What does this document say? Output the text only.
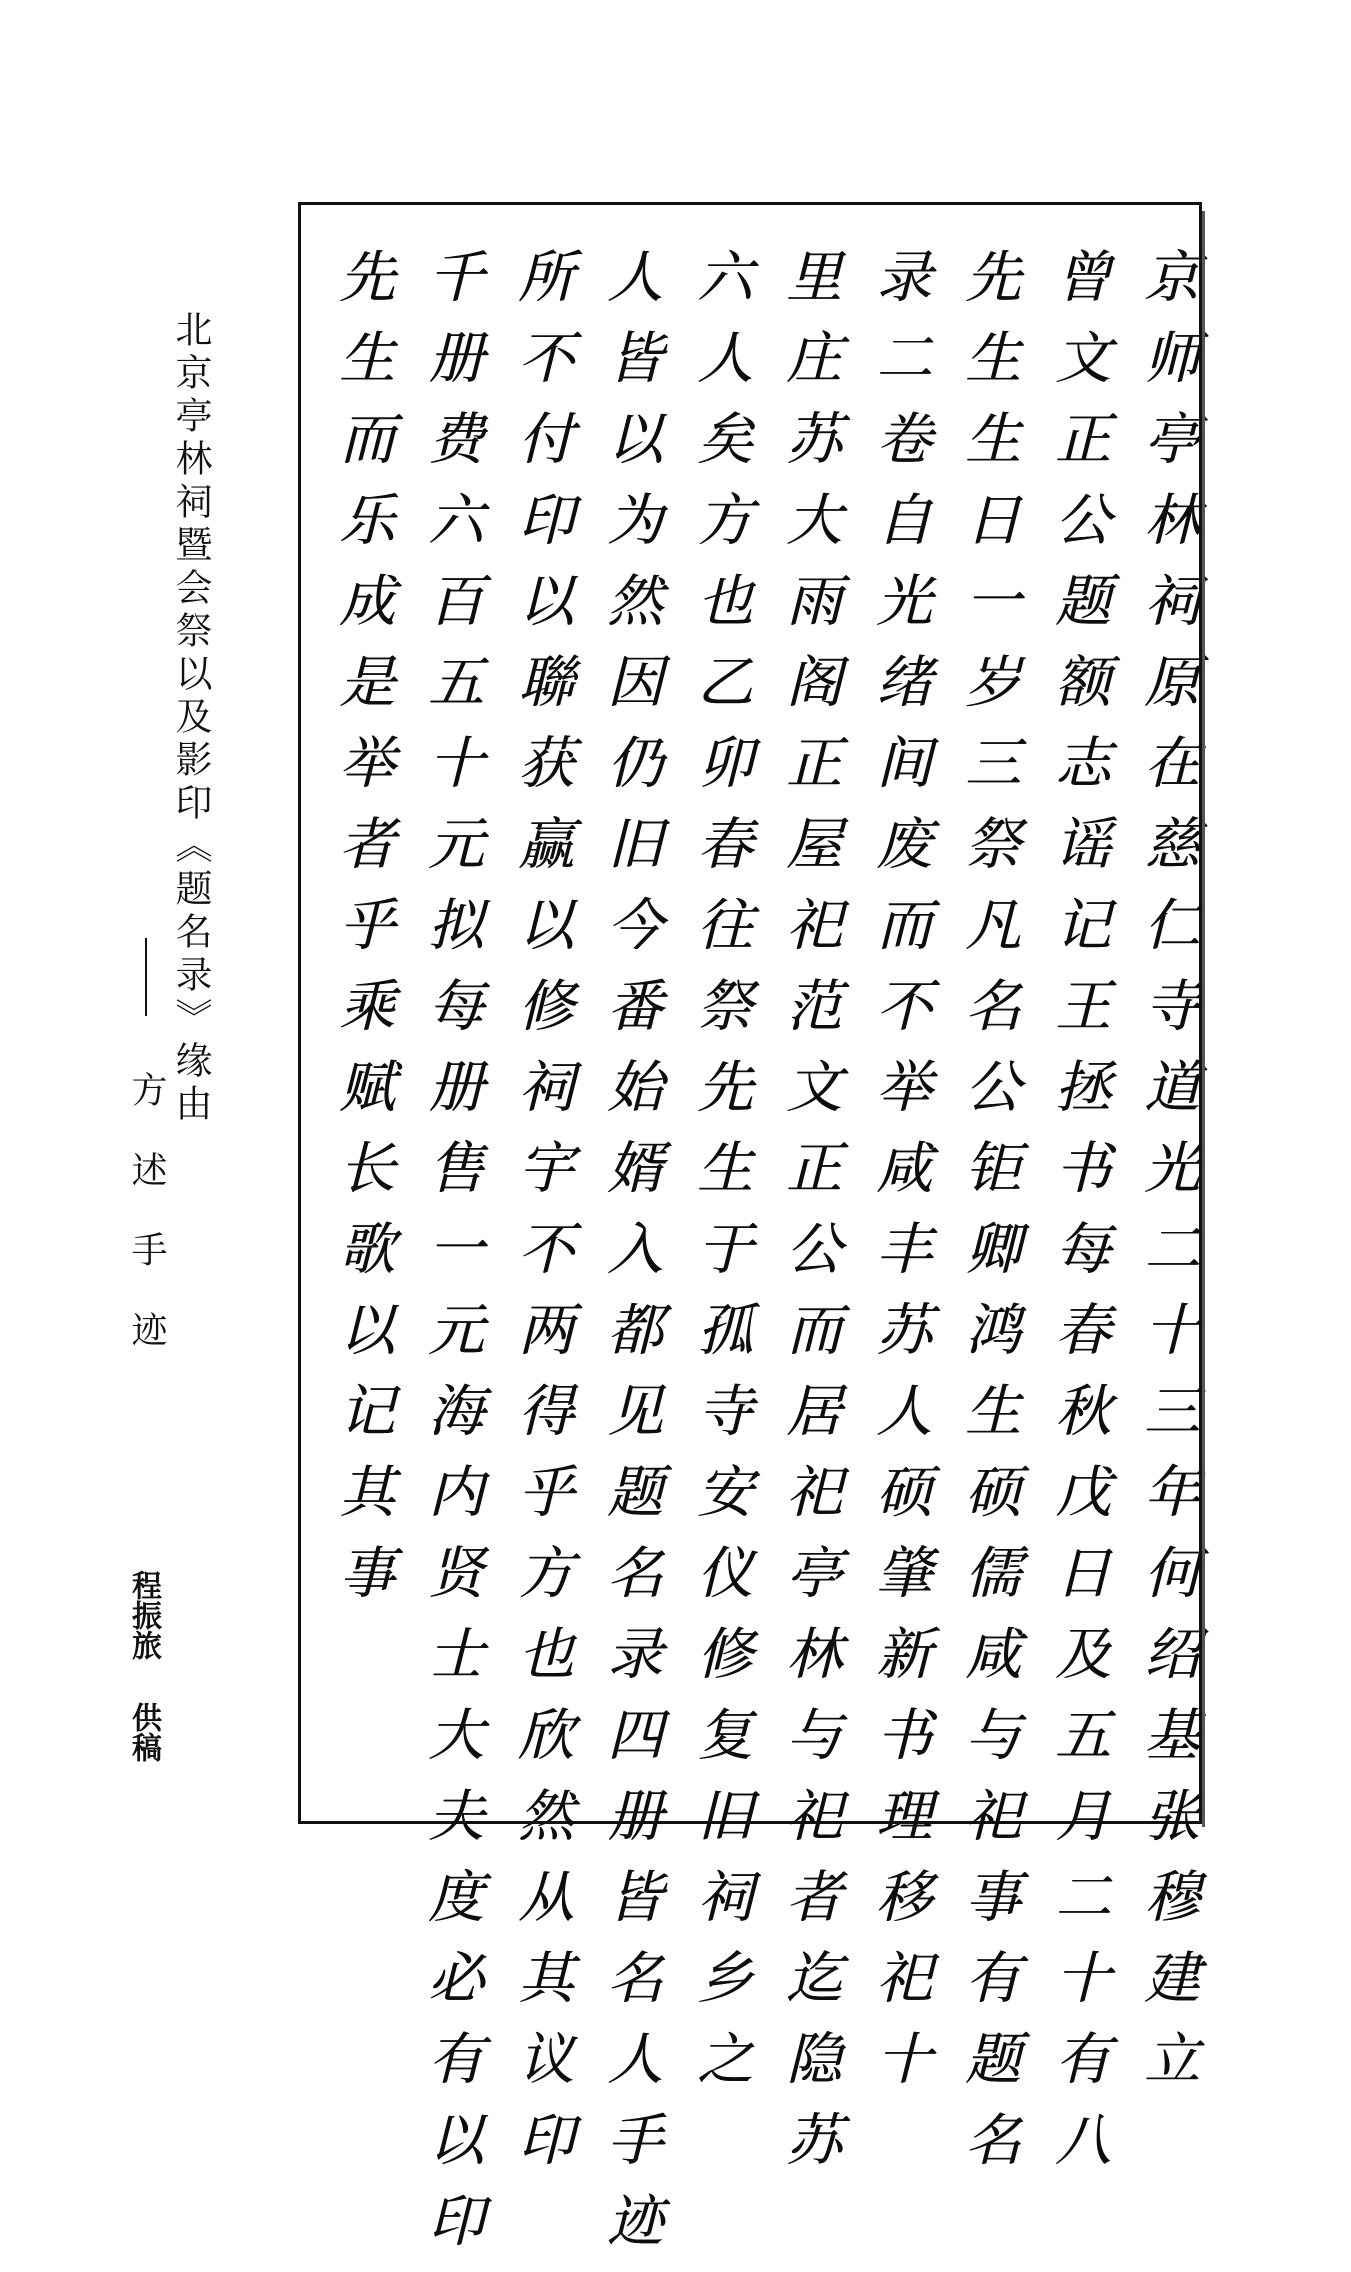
北京亭林祠暨会祭以及影印《题名录》缘由
方述手迹
程振旅供稿	京师亭林祠原在慈仁寺道光二十三年何绍基张穆建立
曾文正公题额志谣记王拯书每春秋戊日及五月二十有八
先生生日一岁三祭凡名公钜卿鸿生硕儒咸与祀事有题名
录二卷自光绪间废而不举咸丰苏人硕肇新书理移祀十
里庄苏大雨阁正屋祀范文正公而居祀亭林与祀者迄隐苏
六人矣方也乙卯春往祭先生于孤寺安仪修复旧祠乡之
人皆以为然因仍旧今番始婿入都见题名录四册皆名人手迹
所不付印以聯获赢以修祠宇不两得乎方也欣然从其议印
千册费六百五十元拟每册售一元海内贤士大夫度必有以印
先生而乐成是举者乎乘赋长歌以记其事
